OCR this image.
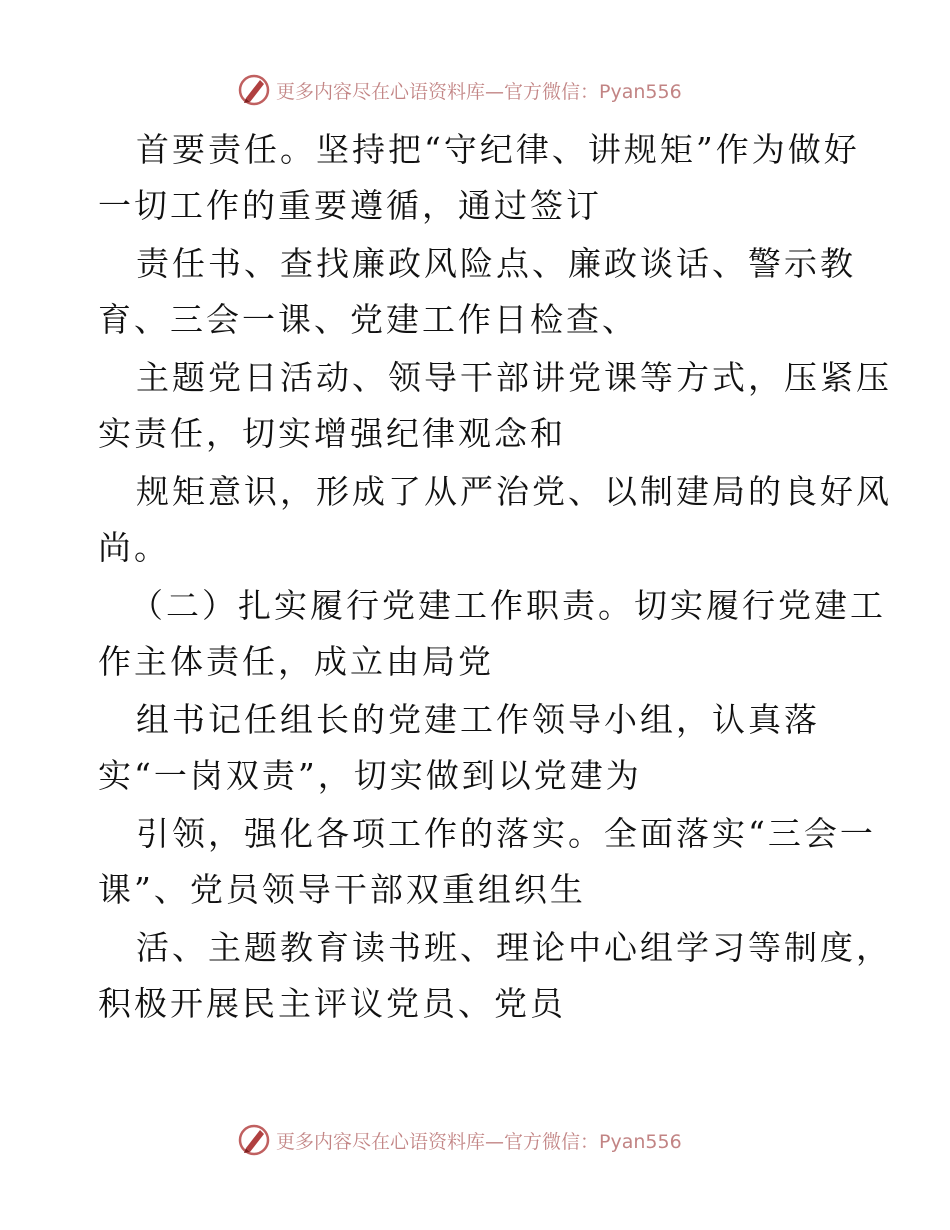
更多内容尽在心语资料库—官方微信：Pyan556
首要责任。坚持把“守纪律、讲规矩”作为做好
一切工作的重要遵循，通过签订
责任书、查找廉政风险点、廉政谈话、警示教
育、三会一课、党建工作日检查、
主题党日活动、领导干部讲党课等方式，压紧压
实责任，切实增强纪律观念和
规矩意识，形成了从严治党、以制建局的良好风
尚。
（二）扎实履行党建工作职责。切实履行党建工
作主体责任，成立由局党
组书记任组长的党建工作领导小组，认真落
实“一岗双责”，切实做到以党建为
引领，强化各项工作的落实。全面落实“三会一
课”、党员领导干部双重组织生
活、主题教育读书班、理论中心组学习等制度，
积极开展民主评议党员、党员
更多内容尽在心语资料库—官方微信：Pyan556
